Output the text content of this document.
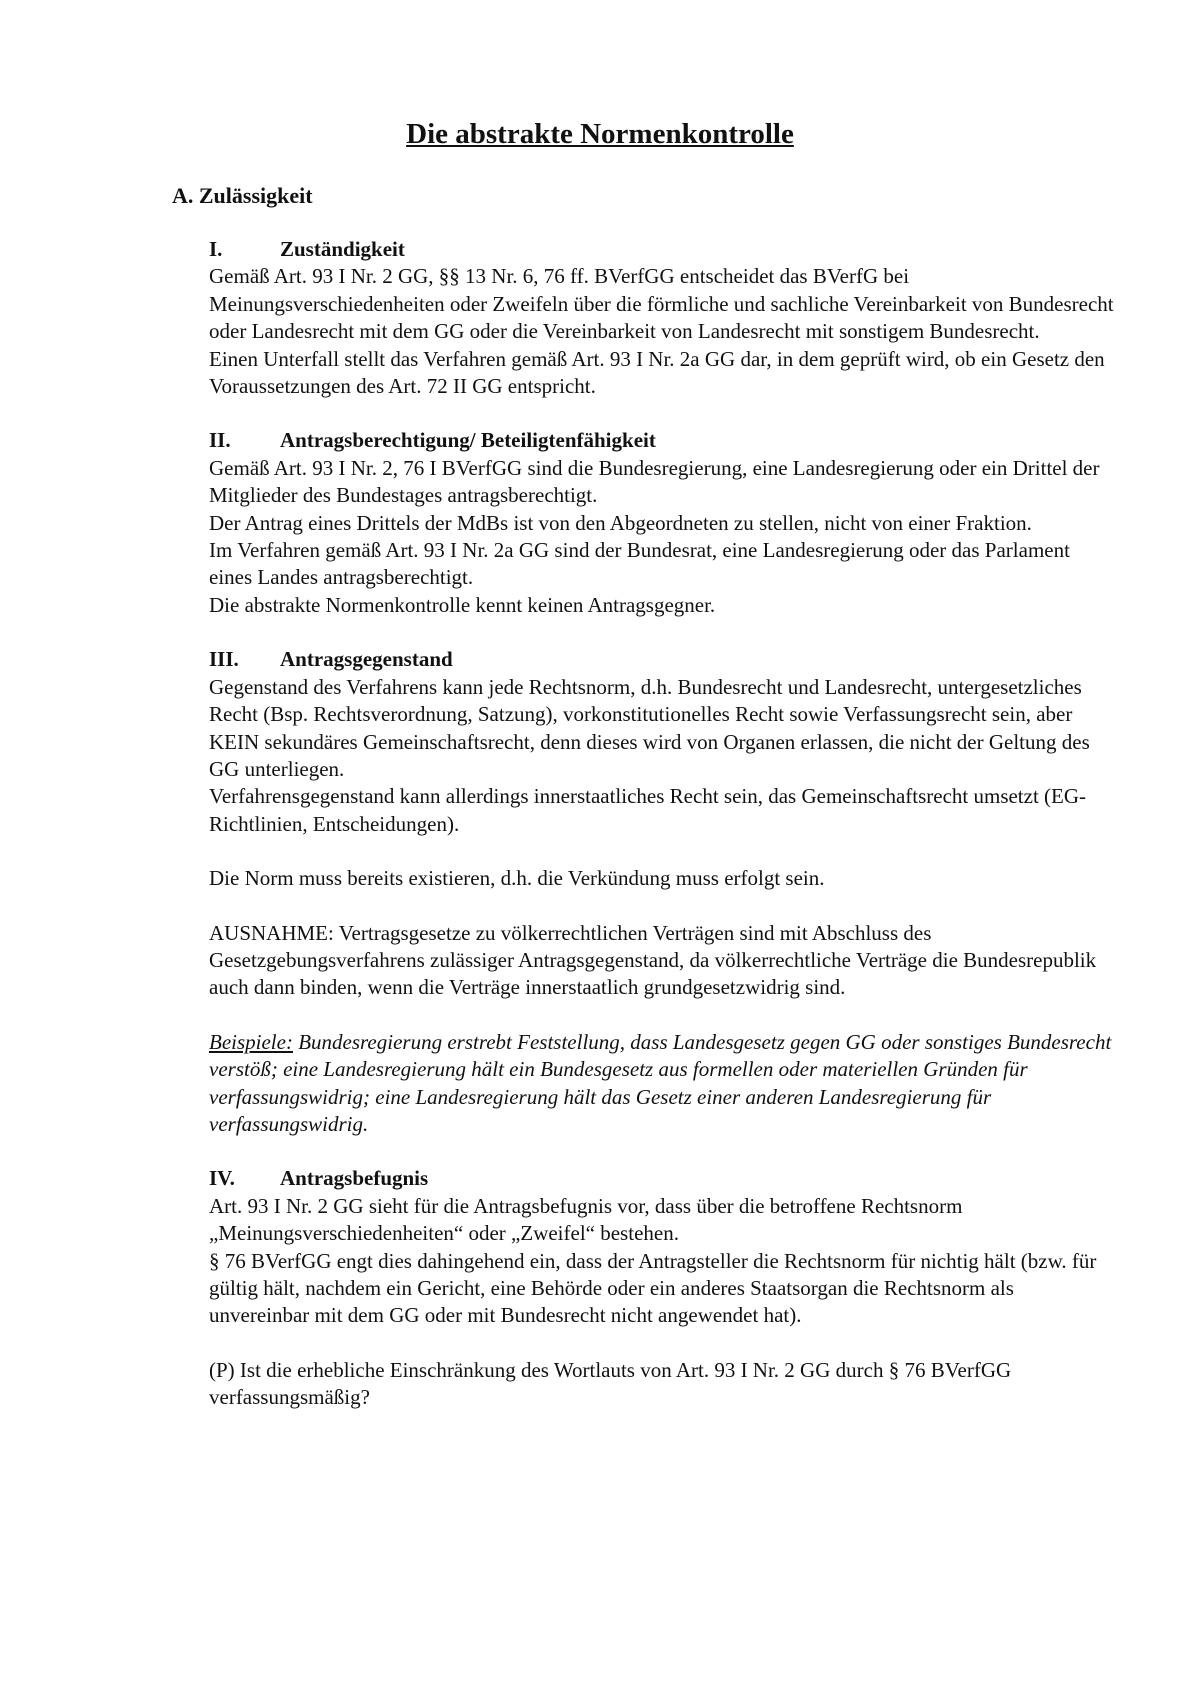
Die abstrakte Normenkontrolle
A. Zulässigkeit

I.	Zuständigkeit

Gemäß Art. 93 I Nr. 2 GG, §§ 13 Nr. 6, 76 ff. BVerfGG entscheidet das BVerfG bei Meinungsverschiedenheiten oder Zweifeln über die förmliche und sachliche Vereinbarkeit von Bundesrecht oder Landesrecht mit dem GG oder die Vereinbarkeit von Landesrecht mit sonstigem Bundesrecht.

Einen Unterfall stellt das Verfahren gemäß Art. 93 I Nr. 2a GG dar, in dem geprüft wird, ob ein Gesetz den Voraussetzungen des Art. 72 II GG entspricht.

II. Antragsberechtigung/ Beteiligtenfähigkeit

Gemäß Art. 93 I Nr. 2, 76 I BVerfGG sind die Bundesregierung, eine Landesregierung oder ein Drittel der Mitglieder des Bundestages antragsberechtigt.

Der Antrag eines Drittels der MdBs ist von den Abgeordneten zu stellen, nicht von einer Fraktion.

Im Verfahren gemäß Art. 93 I Nr. 2a GG sind der Bundesrat, eine Landesregierung oder das Parlament eines Landes antragsberechtigt.

Die abstrakte Normenkontrolle kennt keinen Antragsgegner.

III. Antragsgegenstand

Gegenstand des Verfahrens kann jede Rechtsnorm, d.h. Bundesrecht und Landesrecht, untergesetzliches Recht (Bsp. Rechtsverordnung, Satzung), vorkonstitutionelles Recht sowie Verfassungsrecht sein, aber KEIN sekundäres Gemeinschaftsrecht, denn dieses wird von Organen erlassen, die nicht der Geltung des GG unterliegen.

Verfahrensgegenstand kann allerdings innerstaatliches Recht sein, das Gemeinschaftsrecht umsetzt (EG-Richtlinien, Entscheidungen).

Die Norm muss bereits existieren, d.h. die Verkündung muss erfolgt sein.

AUSNAHME: Vertragsgesetze zu völkerrechtlichen Verträgen sind mit Abschluss des Gesetzgebungsverfahrens zulässiger Antragsgegenstand, da völkerrechtliche Verträge die Bundesrepublik auch dann binden, wenn die Verträge innerstaatlich grundgesetzwidrig sind.

Beispiele: Bundesregierung erstrebt Feststellung, dass Landesgesetz gegen GG oder sonstiges Bundesrecht verstöß; eine Landesregierung hält ein Bundesgesetz aus formellen oder materiellen Gründen für verfassungswidrig; eine Landesregierung hält das Gesetz einer anderen Landesregierung für verfassungswidrig.

IV. Antragsbefugnis

Art. 93 I Nr. 2 GG sieht für die Antragsbefugnis vor, dass über die betroffene Rechtsnorm „Meinungsverschiedenheiten“ oder „Zweifel“ bestehen.

§ 76 BVerfGG engt dies dahingehend ein, dass der Antragsteller die Rechtsnorm für nichtig hält (bzw. für gültig hält, nachdem ein Gericht, eine Behörde oder ein anderes Staatsorgan die Rechtsnorm als unvereinbar mit dem GG oder mit Bundesrecht nicht angewendet hat).

(P) Ist die erhebliche Einschränkung des Wortlauts von Art. 93 I Nr. 2 GG durch § 76 BVerfGG verfassungsmäßig?
